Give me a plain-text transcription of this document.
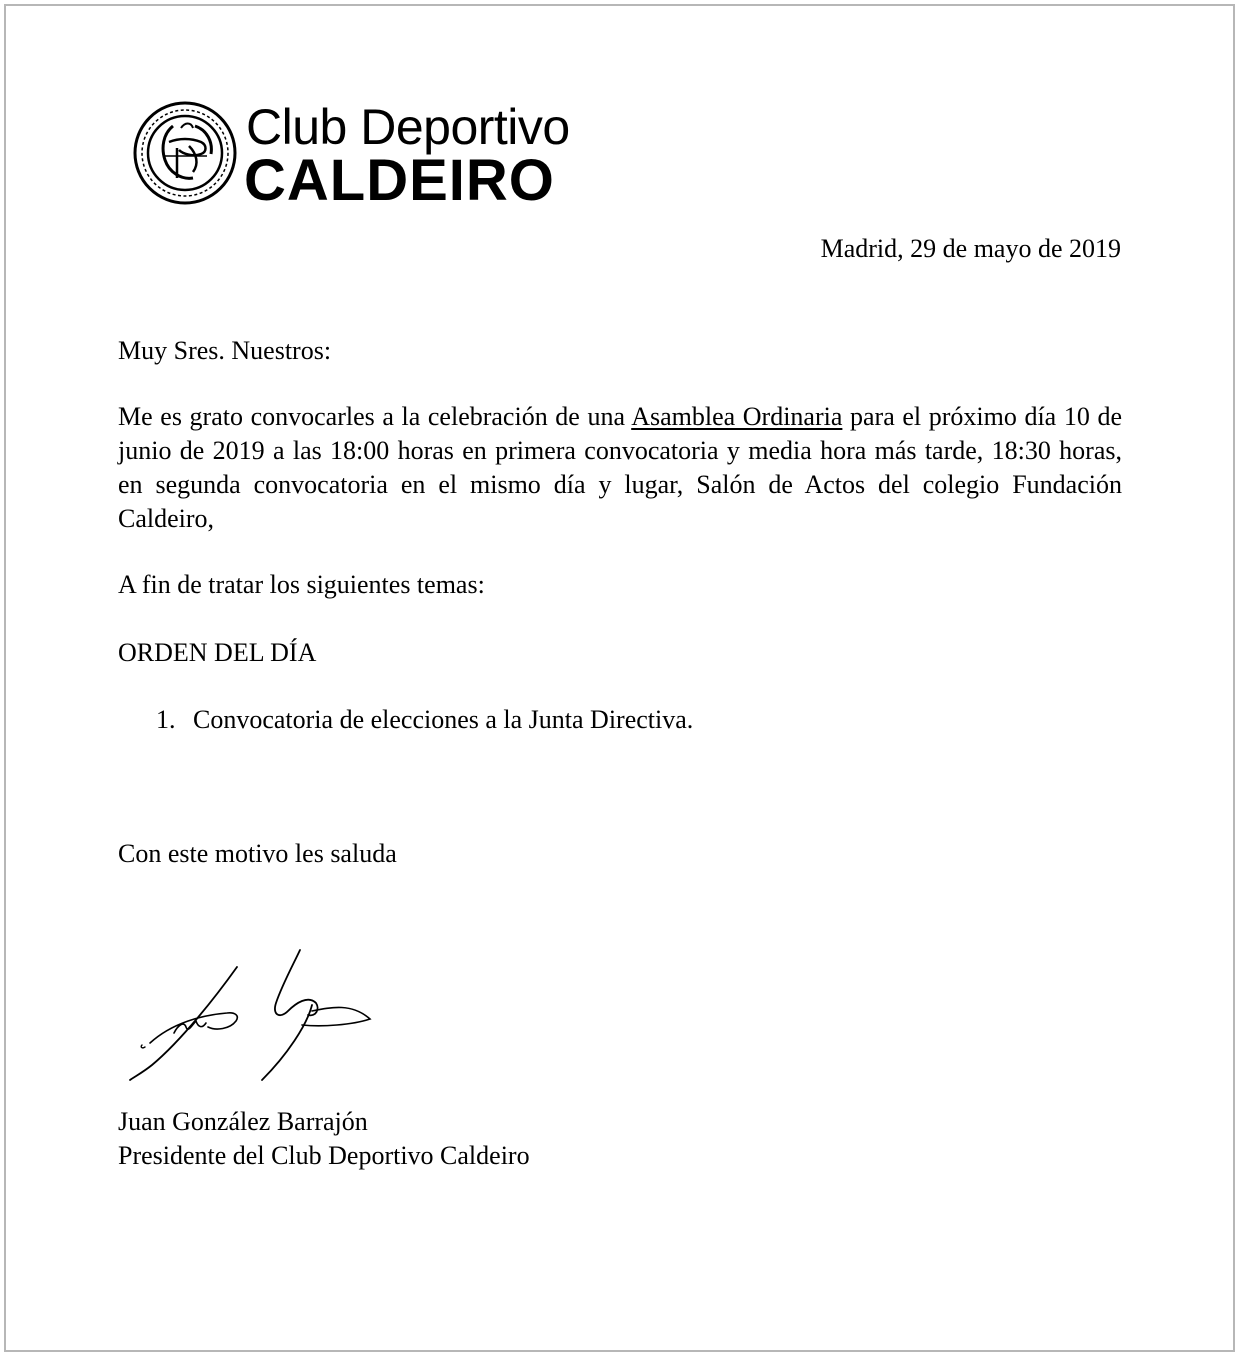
Club Deportivo
CALDEIRO
Madrid, 29 de mayo de 2019
Muy Sres. Nuestros:
Me es grato convocarles a la celebración de una Asamblea Ordinaria para el próximo día 10 de junio de 2019 a las 18:00 horas en primera convocatoria y media hora más tarde, 18:30 horas, en segunda convocatoria en el mismo día y lugar, Salón de Actos del colegio Fundación Caldeiro,
A fin de tratar los siguientes temas:
ORDEN DEL DÍA
1. Convocatoria de elecciones a la Junta Directiva.
Con este motivo les saluda
Juan González Barrajón
Presidente del Club Deportivo Caldeiro
